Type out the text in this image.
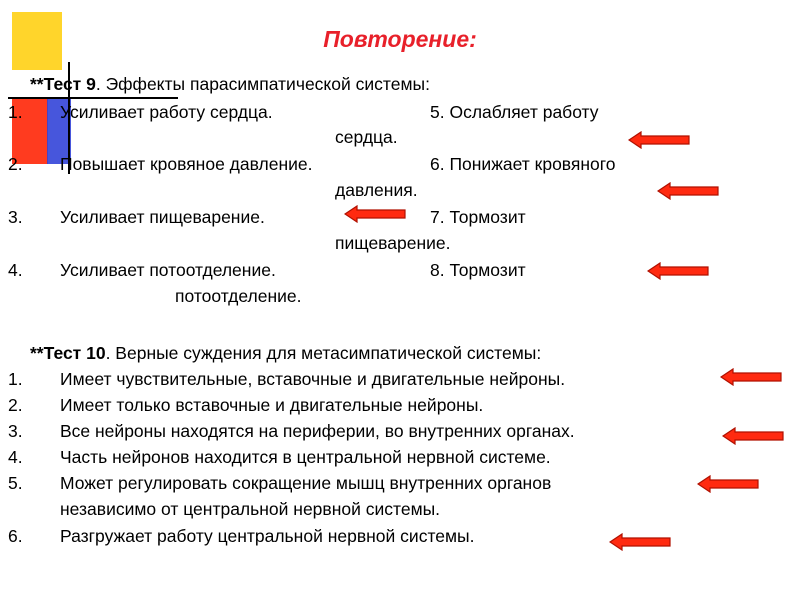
Повторение:
**Тест 9. Эффекты парасимпатической системы:
1. Усиливает работу сердца.	5. Ослабляет работу
сердца.
2. Повышает кровяное давление.	6. Понижает кровяного
давления.
3. Усиливает пищеварение.	7. Тормозит
пищеварение.
4. Усиливает потоотделение.	8. Тормозит
потоотделение.
**Тест 10. Верные суждения для метасимпатической системы:
1. Имеет чувствительные, вставочные и двигательные нейроны.
2. Имеет только вставочные и двигательные нейроны.
3. Все нейроны находятся на периферии, во внутренних органах.
4. Часть нейронов находится в центральной нервной системе.
5. Может регулировать сокращение мышц внутренних органов
независимо от центральной нервной системы.
6. Разгружает работу центральной нервной системы.
